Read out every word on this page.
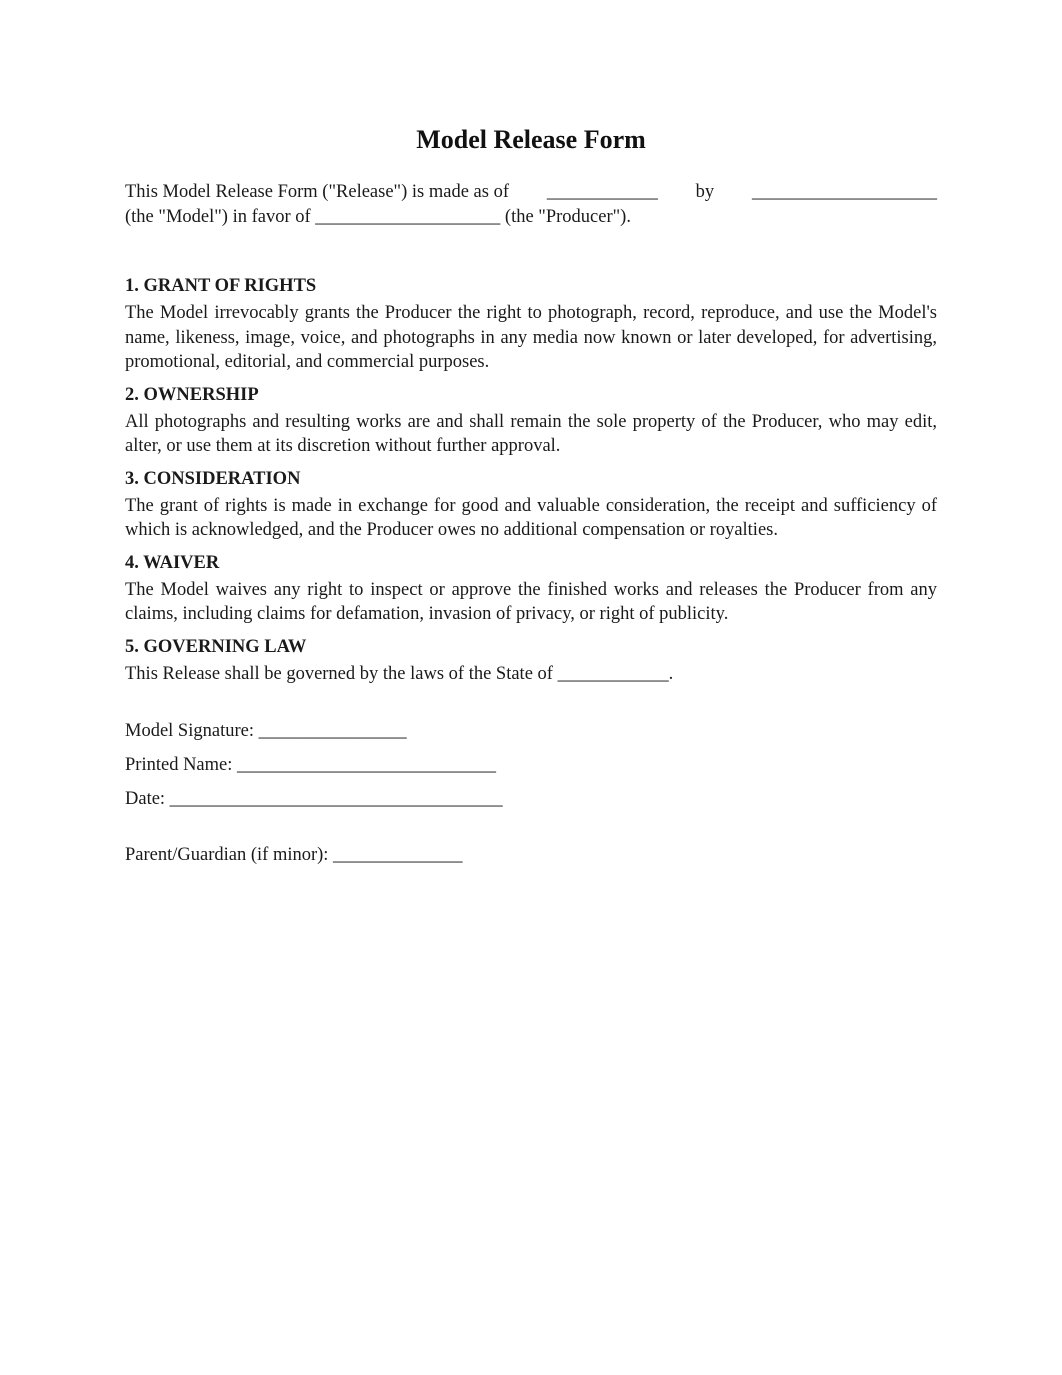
Model Release Form
This Model Release Form ("Release") is made as of ____________ by ____________________
(the "Model") in favor of ____________________ (the "Producer").

1. GRANT OF RIGHTS

The Model irrevocably grants the Producer the right to photograph, record, reproduce, and use the Model's name, likeness, image, voice, and photographs in any media now known or later developed, for advertising, promotional, editorial, and commercial purposes.

2. OWNERSHIP

All photographs and resulting works are and shall remain the sole property of the Producer, who may edit, alter, or use them at its discretion without further approval.

3. CONSIDERATION

The grant of rights is made in exchange for good and valuable consideration, the receipt and sufficiency of which is acknowledged, and the Producer owes no additional compensation or royalties.

4. WAIVER

The Model waives any right to inspect or approve the finished works and releases the Producer from any claims, including claims for defamation, invasion of privacy, or right of publicity.

5. GOVERNING LAW

This Release shall be governed by the laws of the State of ____________.

Model Signature: ________________

Printed Name: ____________________________

Date: ____________________________________

Parent/Guardian (if minor): ______________
